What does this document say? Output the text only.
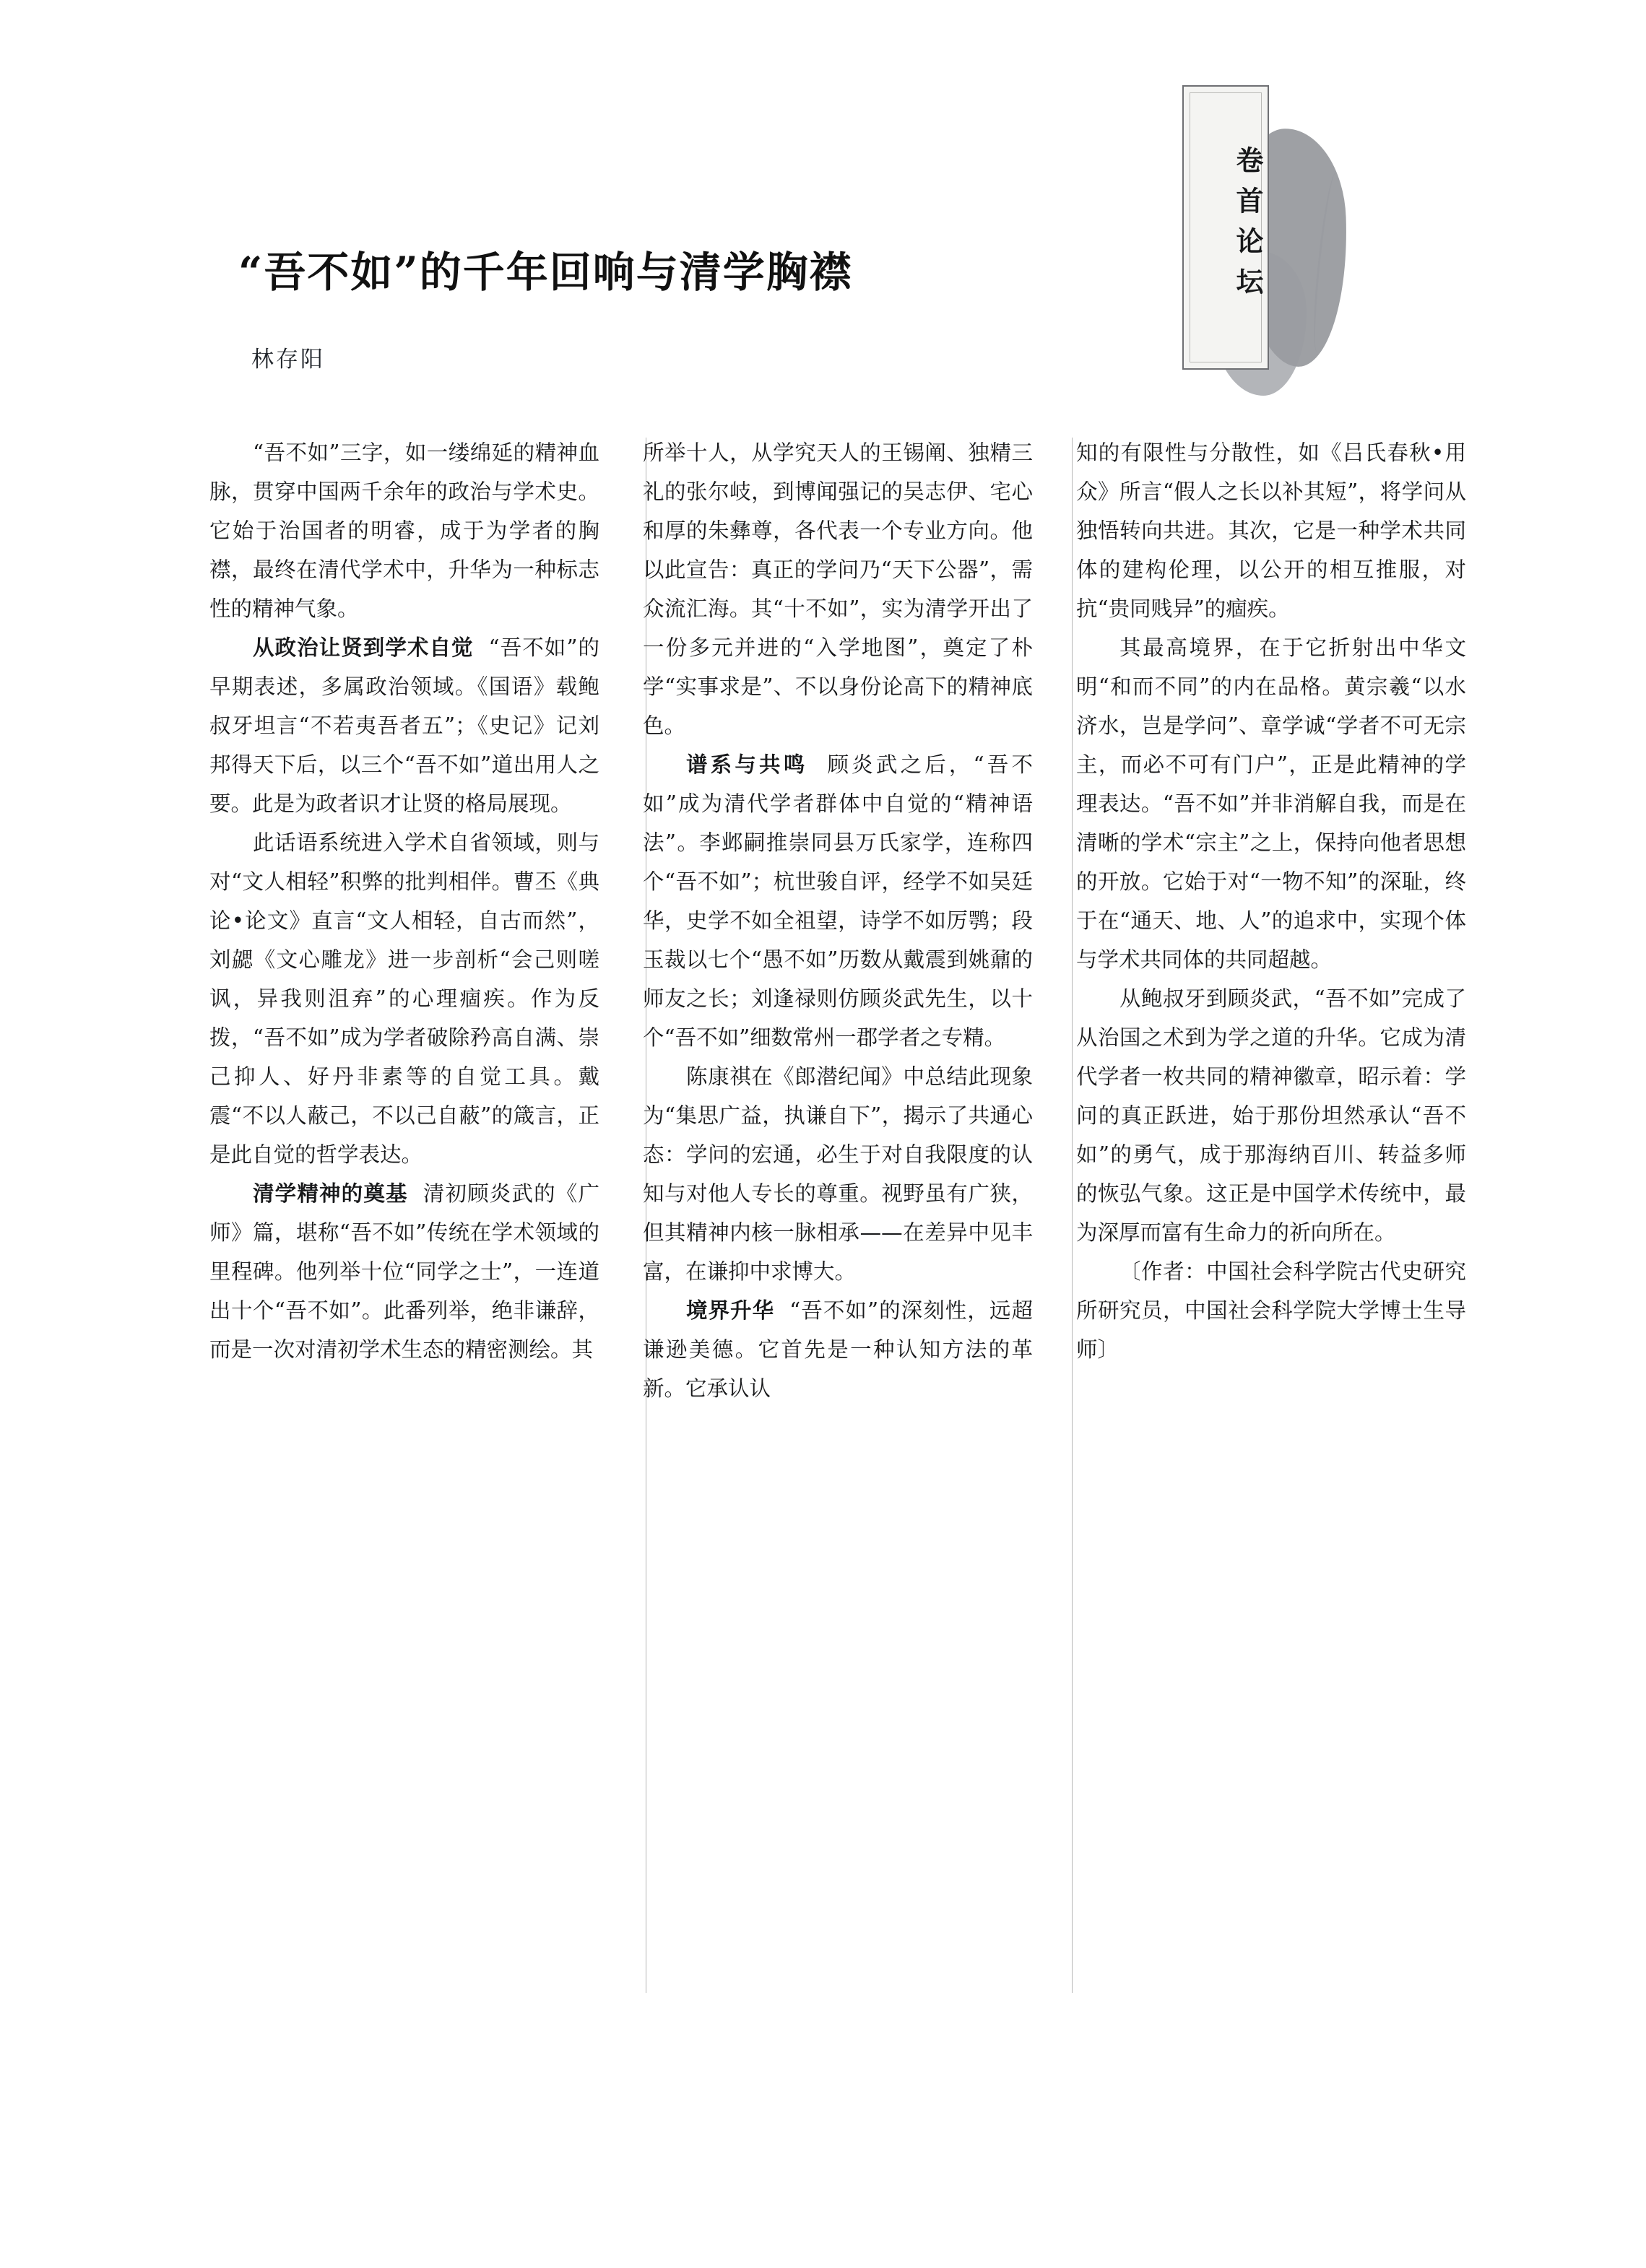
卷首论坛
“吾不如”的千年回响与清学胸襟
林存阳

“吾不如”三字，如一缕绵延的精神血脉，贯穿中国两千余年的政治与学术史。它始于治国者的明睿，成于为学者的胸襟，最终在清代学术中，升华为一种标志性的精神气象。

从政治让贤到学术自觉 “吾不如”的早期表述，多属政治领域。《国语》载鲍叔牙坦言“不若夷吾者五”；《史记》记刘邦得天下后，以三个“吾不如”道出用人之要。此是为政者识才让贤的格局展现。

此话语系统进入学术自省领域，则与对“文人相轻”积弊的批判相伴。曹丕《典论•论文》直言“文人相轻，自古而然”，刘勰《文心雕龙》进一步剖析“会己则嗟讽，异我则沮弃”的心理痼疾。作为反拨，“吾不如”成为学者破除矜高自满、崇己抑人、好丹非素等的自觉工具。戴震“不以人蔽己，不以己自蔽”的箴言，正是此自觉的哲学表达。

清学精神的奠基 清初顾炎武的《广师》篇，堪称“吾不如”传统在学术领域的里程碑。他列举十位“同学之士”，一连道出十个“吾不如”。此番列举，绝非谦辞，而是一次对清初学术生态的精密测绘。其

所举十人，从学究天人的王锡阐、独精三礼的张尔岐，到博闻强记的吴志伊、宅心和厚的朱彝尊，各代表一个专业方向。他以此宣告：真正的学问乃“天下公器”，需众流汇海。其“十不如”，实为清学开出了一份多元并进的“入学地图”，奠定了朴学“实事求是”、不以身份论高下的精神底色。

谱系与共鸣 顾炎武之后，“吾不如”成为清代学者群体中自觉的“精神语法”。李邺嗣推崇同县万氏家学，连称四个“吾不如”；杭世骏自评，经学不如吴廷华，史学不如全祖望，诗学不如厉鹗；段玉裁以七个“愚不如”历数从戴震到姚鼐的师友之长；刘逢禄则仿顾炎武先生，以十个“吾不如”细数常州一郡学者之专精。

陈康祺在《郎潜纪闻》中总结此现象为“集思广益，执谦自下”，揭示了共通心态：学问的宏通，必生于对自我限度的认知与对他人专长的尊重。视野虽有广狭，但其精神内核一脉相承——在差异中见丰富，在谦抑中求博大。

境界升华 “吾不如”的深刻性，远超谦逊美德。它首先是一种认知方法的革新。它承认认

知的有限性与分散性，如《吕氏春秋•用众》所言“假人之长以补其短”，将学问从独悟转向共进。其次，它是一种学术共同体的建构伦理，以公开的相互推服，对抗“贵同贱异”的痼疾。

其最高境界，在于它折射出中华文明“和而不同”的内在品格。黄宗羲“以水济水，岂是学问”、章学诚“学者不可无宗主，而必不可有门户”，正是此精神的学理表达。“吾不如”并非消解自我，而是在清晰的学术“宗主”之上，保持向他者思想的开放。它始于对“一物不知”的深耻，终于在“通天、地、人”的追求中，实现个体与学术共同体的共同超越。

从鲍叔牙到顾炎武，“吾不如”完成了从治国之术到为学之道的升华。它成为清代学者一枚共同的精神徽章，昭示着：学问的真正跃进，始于那份坦然承认“吾不如”的勇气，成于那海纳百川、转益多师的恢弘气象。这正是中国学术传统中，最为深厚而富有生命力的祈向所在。

〔作者：中国社会科学院古代史研究所研究员，中国社会科学院大学博士生导师〕
